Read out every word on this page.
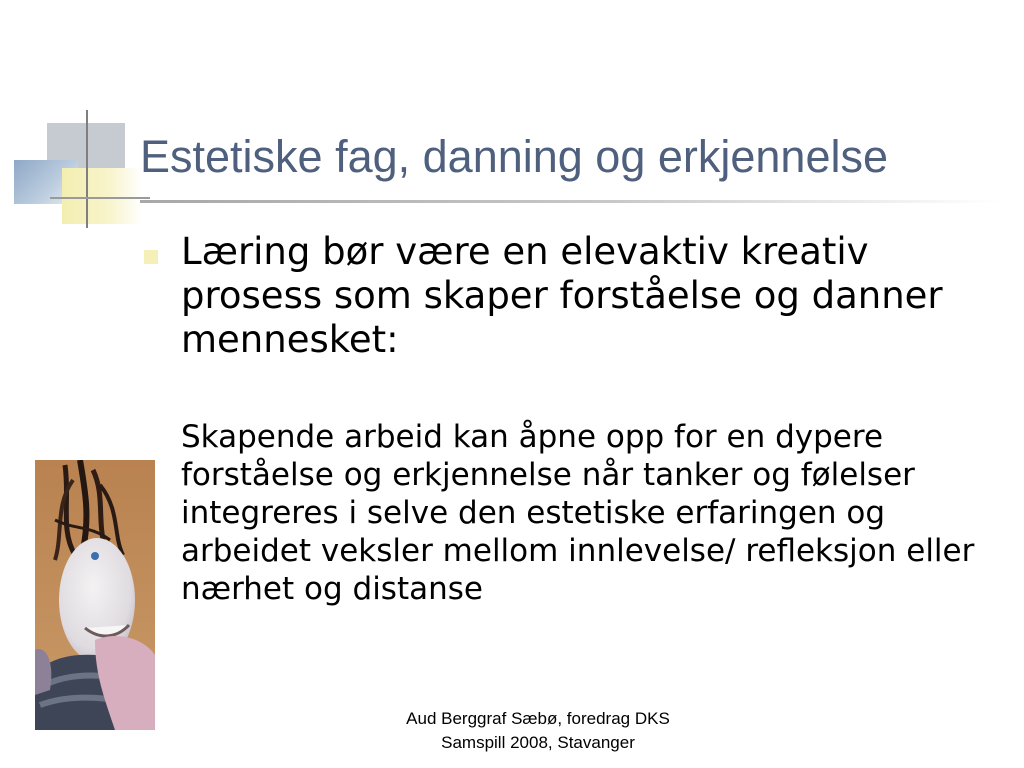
Estetiske fag, danning og erkjennelse
Læring bør være en elevaktiv kreativ prosess som skaper forståelse og danner mennesket:
Skapende arbeid kan åpne opp for en dypere forståelse og erkjennelse når tanker og følelser integreres i selve den estetiske erfaringen og arbeidet veksler mellom innlevelse/ refleksjon eller nærhet og distanse
Aud Berggraf Sæbø, foredrag DKS
Samspill 2008, Stavanger
